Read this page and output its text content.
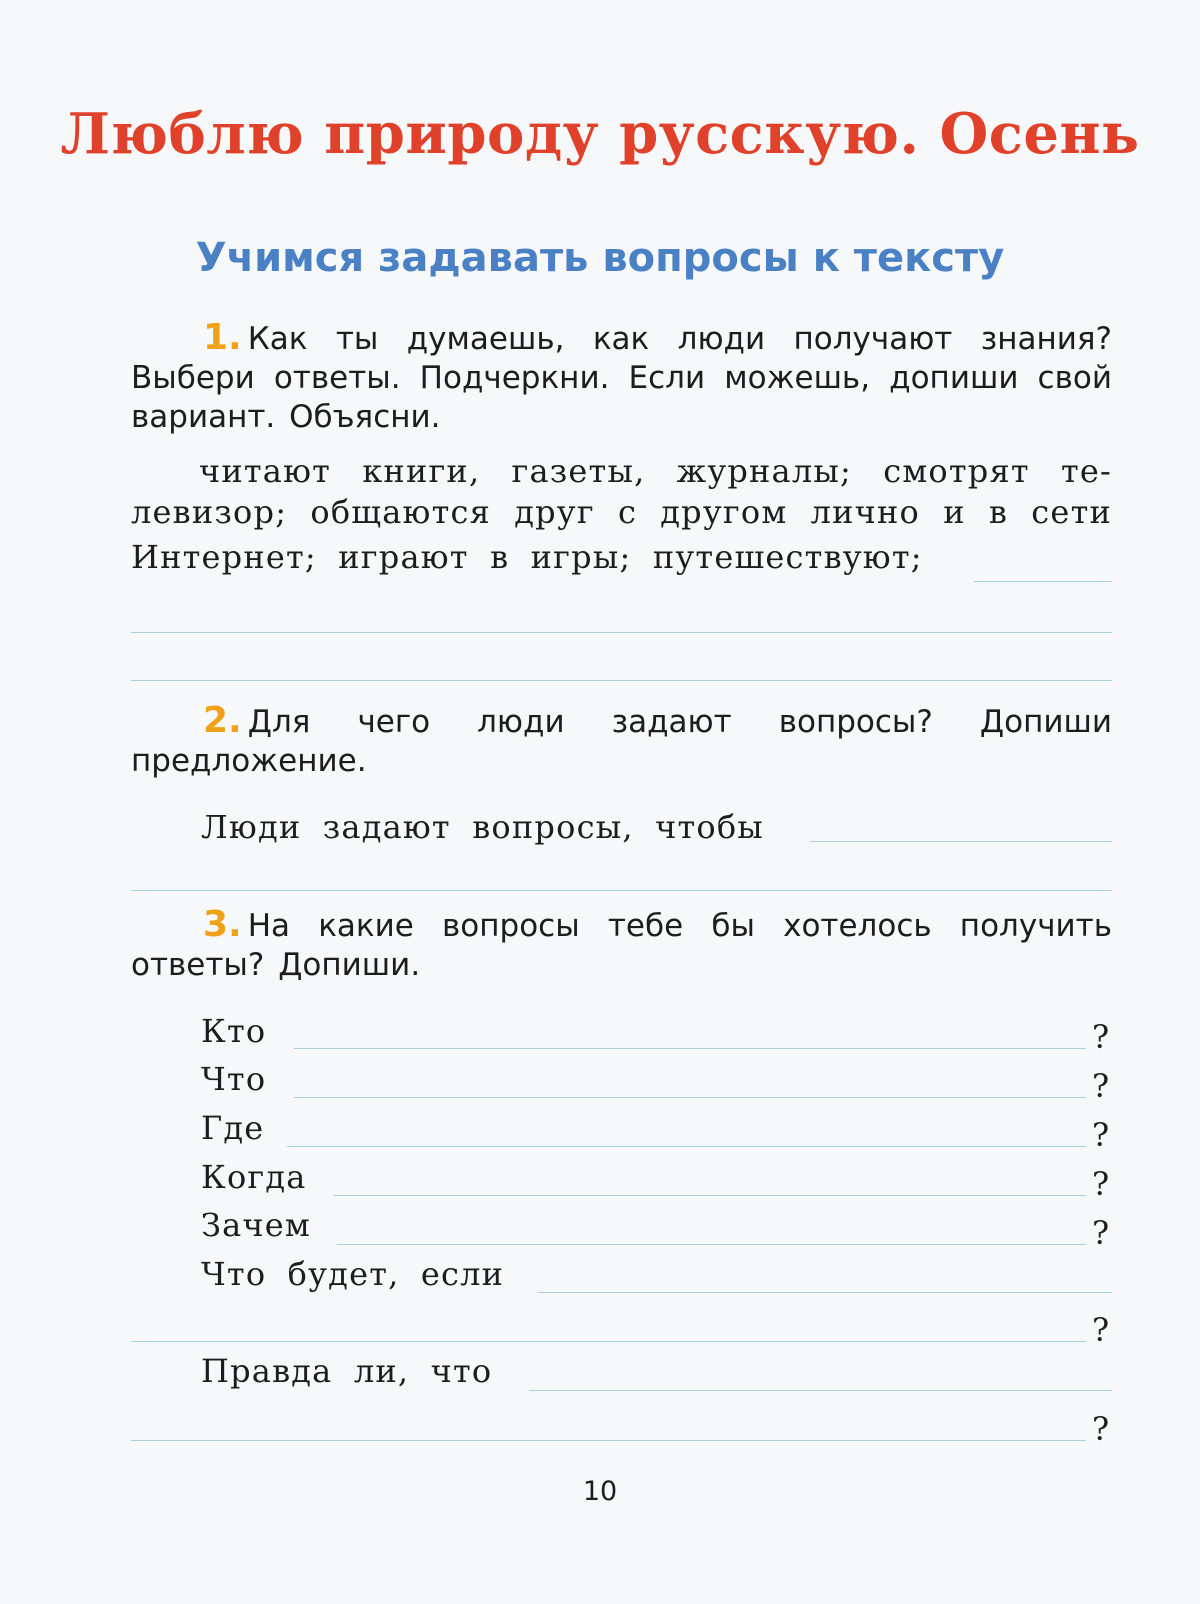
Люблю природу русскую. Осень
Учимся задавать вопросы к тексту

1. Как ты думаешь, как люди получают знания? Выбери ответы. Подчеркни. Если можешь, допиши свой вариант. Объясни.

читают книги, газеты, журналы; смотрят те-

левизор; общаются друг с другом лично и в сети

Интернет; играют в игры; путешествуют;

2. Для чего люди задают вопросы? Допиши предложение.

Люди задают вопросы, чтобы

3. На какие вопросы тебе бы хотелось получить ответы? Допиши.

Кто	?

Что	?

Где	?

Когда	?

Зачем	?

Что будет, если

?

Правда ли, что

?

10
